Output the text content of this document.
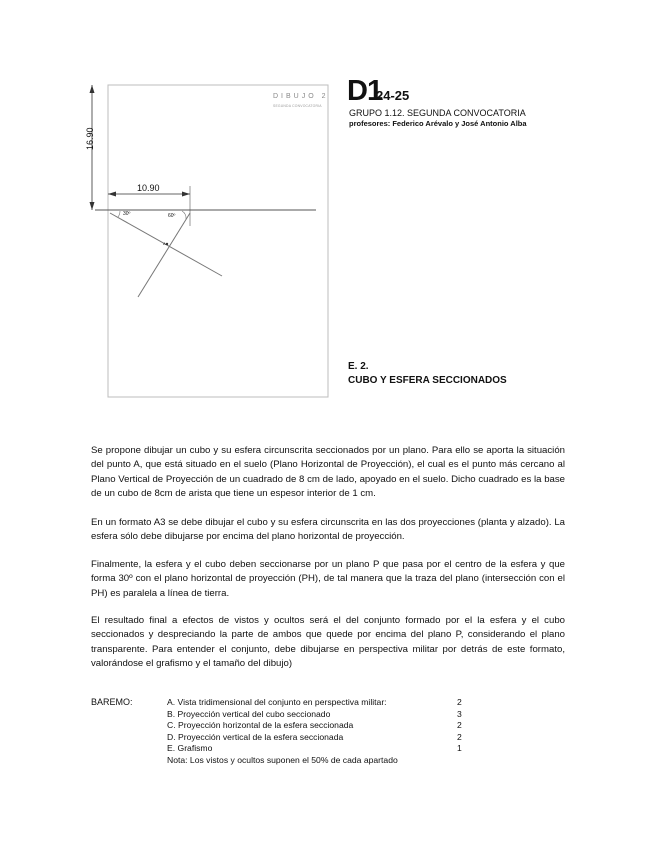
DIBUJO 2
SEGUNDA CONVOCATORIA
16.90
10.90
30º	60º
A
D1
24-25
GRUPO 1.12. SEGUNDA CONVOCATORIA
profesores: Federico Arévalo y José Antonio Alba
E. 2.
CUBO Y ESFERA SECCIONADOS

Se propone dibujar un cubo y su esfera circunscrita seccionados por un plano. Para ello se aporta la situación del punto A, que está situado en el suelo (Plano Horizontal de Proyección), el cual es el punto más cercano al Plano Vertical de Proyección de un cuadrado de 8 cm de lado, apoyado en el suelo. Dicho cuadrado es la base de un cubo de 8cm de arista que tiene un espesor interior de 1 cm.

En un formato A3 se debe dibujar el cubo y su esfera circunscrita en las dos proyecciones (planta y alzado). La esfera sólo debe dibujarse por encima del plano horizontal de proyección.

Finalmente, la esfera y el cubo deben seccionarse por un plano P que pasa por el centro de la esfera y que forma 30º con el plano horizontal de proyección (PH), de tal manera que la traza del plano (intersección con el PH) es paralela a línea de tierra.

El resultado final a efectos de vistos y ocultos será el del conjunto formado por el la esfera y el cubo seccionados y despreciando la parte de ambos que quede por encima del plano P, considerando el plano transparente. Para entender el conjunto, debe dibujarse en perspectiva militar por detrás de este formato, valorándose el grafismo y el tamaño del dibujo)

BAREMO:	A. Vista tridimensional del conjunto en perspectiva militar:	2
B. Proyección vertical del cubo seccionado	3
C. Proyección horizontal de la esfera seccionada	2
D. Proyección vertical de la esfera seccionada	2
E. Grafismo	1
Nota: Los vistos y ocultos suponen el 50% de cada apartado
